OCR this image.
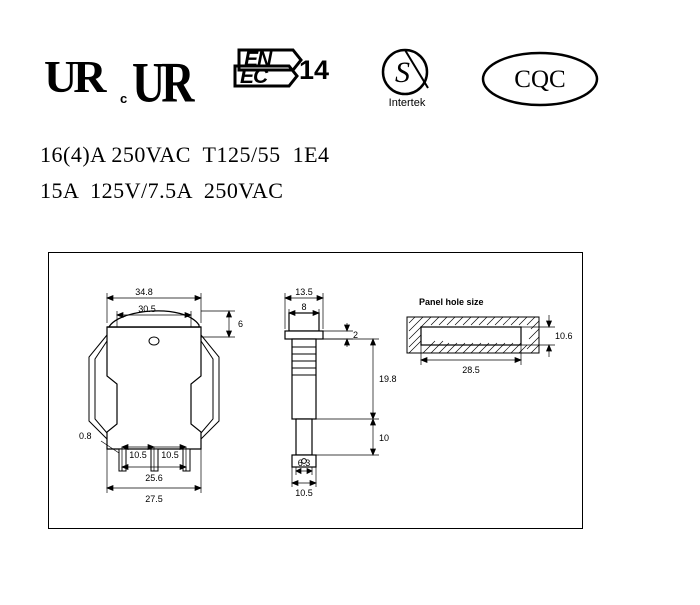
UR c UR	EN
EC 14 S
Intertek
CQC
16(4)A 250VAC  T125/55  1E4
15A  125V/7.5A  250VAC
34.8
30.5
6
0.8
10.5 10.5
25.6
27.5
13.5
8
2
19.8
10
6.3
10.5
Panel hole size
28.5
10.6
